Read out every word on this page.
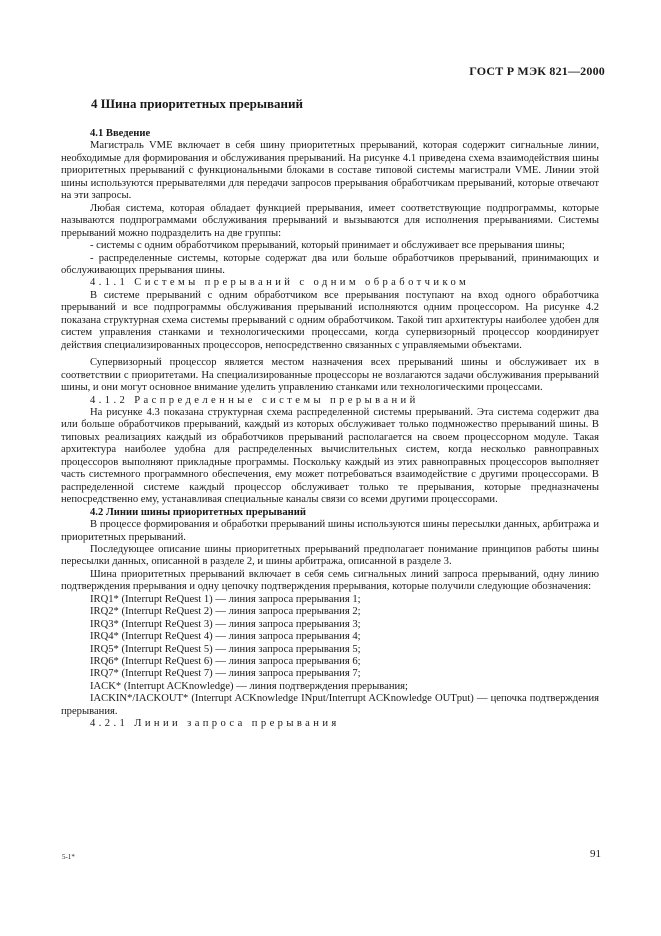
ГОСТ Р МЭК 821—2000
4 Шина приоритетных прерываний

4.1 Введение

Магистраль VME включает в себя шину приоритетных прерываний, которая содержит сигнальные линии, необходимые для формирования и обслуживания прерываний. На рисунке 4.1 приведена схема взаимодействия шины приоритетных прерываний с функциональными блоками в составе типовой системы магистрали VME. Линии этой шины используются прерывателями для передачи запросов прерывания обработчикам прерываний, которые отвечают на эти запросы.

Любая система, которая обладает функцией прерывания, имеет соответствующие подпрограммы, которые называются подпрограммами обслуживания прерываний и вызываются для исполнения прерываниями. Системы прерываний можно подразделить на две группы:

- системы с одним обработчиком прерываний, который принимает и обслуживает все прерывания шины;

- распределенные системы, которые содержат два или больше обработчиков прерываний, принимающих и обслуживающих прерывания шины.

4.1.1 Системы прерываний с одним обработчиком

В системе прерываний с одним обработчиком все прерывания поступают на вход одного обработчика прерываний и все подпрограммы обслуживания прерываний исполняются одним процессором. На рисунке 4.2 показана структурная схема системы прерываний с одним обработчиком. Такой тип архитектуры наиболее удобен для систем управления станками и технологическими процессами, когда супервизорный процессор координирует действия специализированных процессоров, непосредственно связанных с управляемыми объектами.

Супервизорный процессор является местом назначения всех прерываний шины и обслуживает их в соответствии с приоритетами. На специализированные процессоры не возлагаются задачи обслуживания прерываний шины, и они могут основное внимание уделить управлению станками или технологическими процессами.

4.1.2 Распределенные системы прерываний

На рисунке 4.3 показана структурная схема распределенной системы прерываний. Эта система содержит два или больше обработчиков прерываний, каждый из которых обслуживает только подмножество прерываний шины. В типовых реализациях каждый из обработчиков прерываний располагается на своем процессорном модуле. Такая архитектура наиболее удобна для распределенных вычислительных систем, когда несколько равноправных процессоров выполняют прикладные программы. Поскольку каждый из этих равноправных процессоров выполняет часть системного программного обеспечения, ему может потребоваться взаимодействие с другими процессорами. В распределенной системе каждый процессор обслуживает только те прерывания, которые предназначены непосредственно ему, устанавливая специальные каналы связи со всеми другими процессорами.

4.2 Линии шины приоритетных прерываний

В процессе формирования и обработки прерываний шины используются шины пересылки данных, арбитража и приоритетных прерываний.

Последующее описание шины приоритетных прерываний предполагает понимание принципов работы шины пересылки данных, описанной в разделе 2, и шины арбитража, описанной в разделе 3.

Шина приоритетных прерываний включает в себя семь сигнальных линий запроса прерываний, одну линию подтверждения прерывания и одну цепочку подтверждения прерывания, которые получили следующие обозначения:

IRQ1* (Interrupt ReQuest 1) — линия запроса прерывания 1;

IRQ2* (Interrupt ReQuest 2) — линия запроса прерывания 2;

IRQ3* (Interrupt ReQuest 3) — линия запроса прерывания 3;

IRQ4* (Interrupt ReQuest 4) — линия запроса прерывания 4;

IRQ5* (Interrupt ReQuest 5) — линия запроса прерывания 5;

IRQ6* (Interrupt ReQuest 6) — линия запроса прерывания 6;

IRQ7* (Interrupt ReQuest 7) — линия запроса прерывания 7;

IACK* (Interrupt ACKnowledge) — линия подтверждения прерывания;

IACKIN*/IACKOUT* (Interrupt ACKnowledge INput/Interrupt ACKnowledge OUTput) — цепочка подтверждения прерывания.

4.2.1 Линии запроса прерывания

5-1*	91
